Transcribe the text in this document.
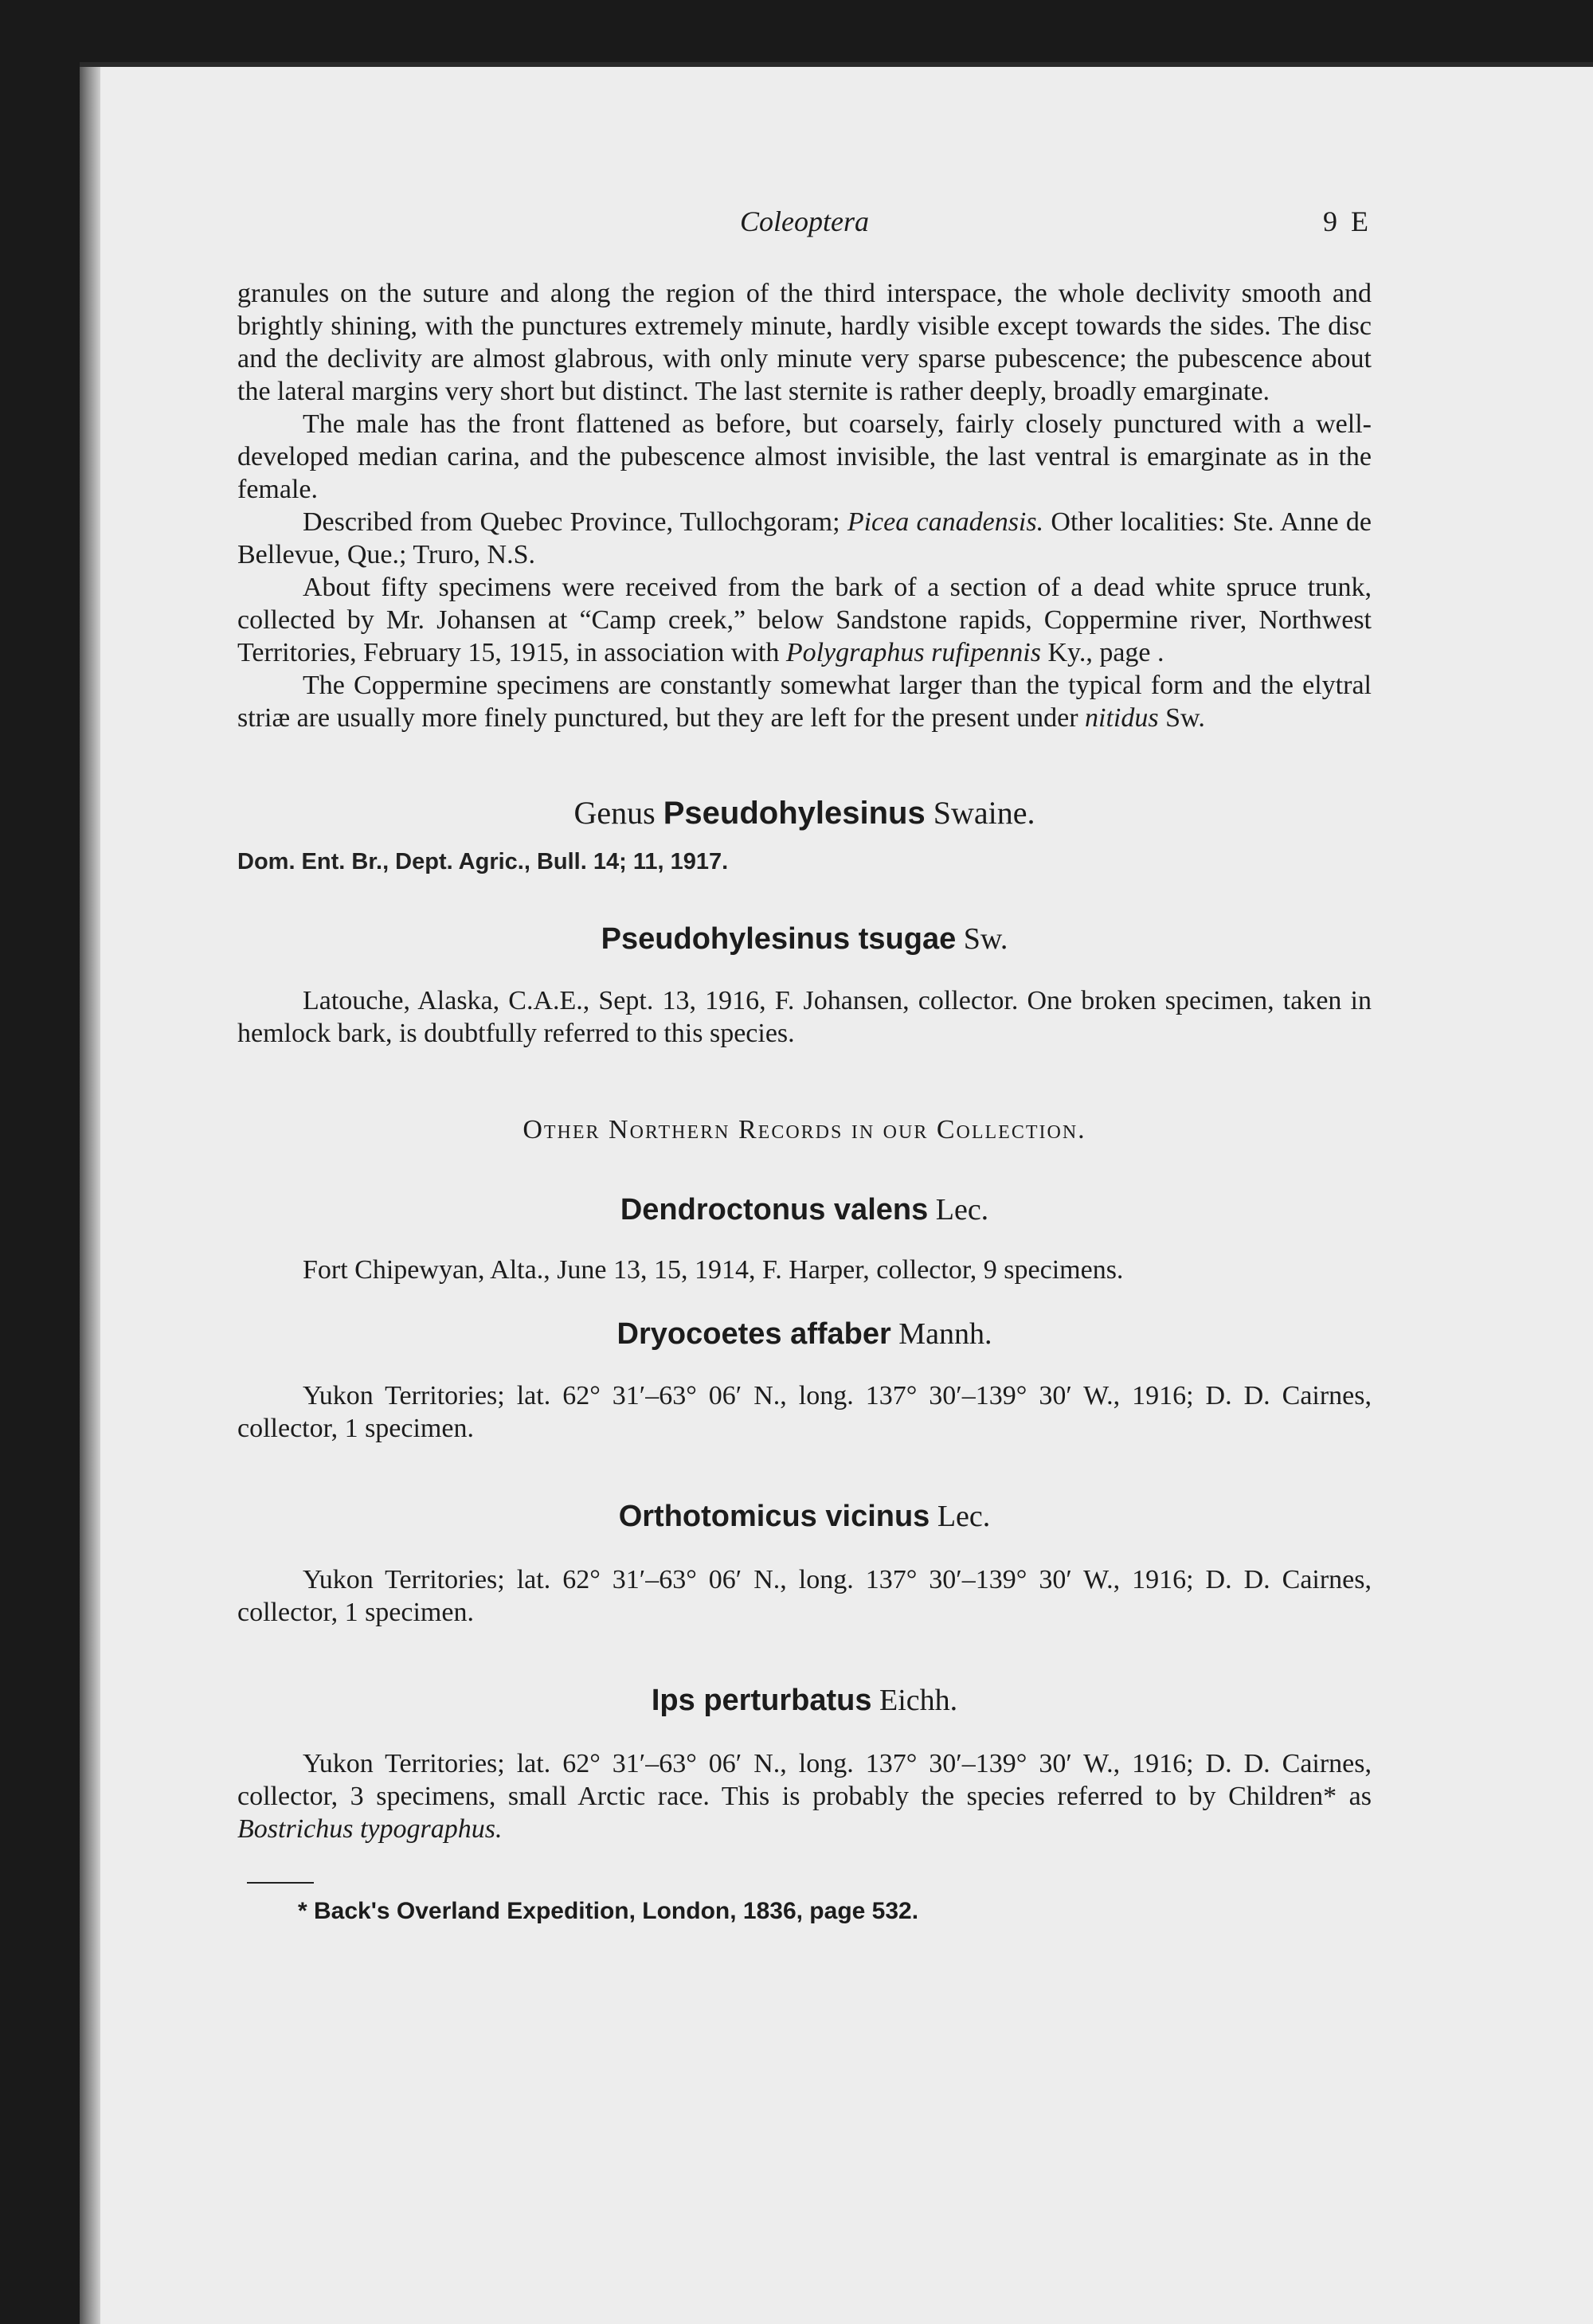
Coleoptera	9 E

granules on the suture and along the region of the third interspace, the whole declivity smooth and brightly shining, with the punctures extremely minute, hardly visible except towards the sides. The disc and the declivity are almost glabrous, with only minute very sparse pubescence; the pubescence about the lateral margins very short but distinct. The last sternite is rather deeply, broadly emarginate.

The male has the front flattened as before, but coarsely, fairly closely punctured with a well-developed median carina, and the pubescence almost invisible, the last ventral is emarginate as in the female.

Described from Quebec Province, Tullochgoram; Picea canadensis. Other localities: Ste. Anne de Bellevue, Que.; Truro, N.S.

About fifty specimens were received from the bark of a section of a dead white spruce trunk, collected by Mr. Johansen at “Camp creek,” below Sandstone rapids, Coppermine river, Northwest Territories, February 15, 1915, in association with Polygraphus rufipennis Ky., page .

The Coppermine specimens are constantly somewhat larger than the typical form and the elytral striæ are usually more finely punctured, but they are left for the present under nitidus Sw.

Genus Pseudohylesinus Swaine.
Dom. Ent. Br., Dept. Agric., Bull. 14; 11, 1917.
Pseudohylesinus tsugae Sw.

Latouche, Alaska, C.A.E., Sept. 13, 1916, F. Johansen, collector. One broken specimen, taken in hemlock bark, is doubtfully referred to this species.

Other Northern Records in our Collection.
Dendroctonus valens Lec.

Fort Chipewyan, Alta., June 13, 15, 1914, F. Harper, collector, 9 specimens.

Dryocoetes affaber Mannh.

Yukon Territories; lat. 62° 31′–63° 06′ N., long. 137° 30′–139° 30′ W., 1916; D. D. Cairnes, collector, 1 specimen.

Orthotomicus vicinus Lec.

Yukon Territories; lat. 62° 31′–63° 06′ N., long. 137° 30′–139° 30′ W., 1916; D. D. Cairnes, collector, 1 specimen.

Ips perturbatus Eichh.

Yukon Territories; lat. 62° 31′–63° 06′ N., long. 137° 30′–139° 30′ W., 1916; D. D. Cairnes, collector, 3 specimens, small Arctic race. This is probably the species referred to by Children* as Bostrichus typographus.

* Back's Overland Expedition, London, 1836, page 532.
